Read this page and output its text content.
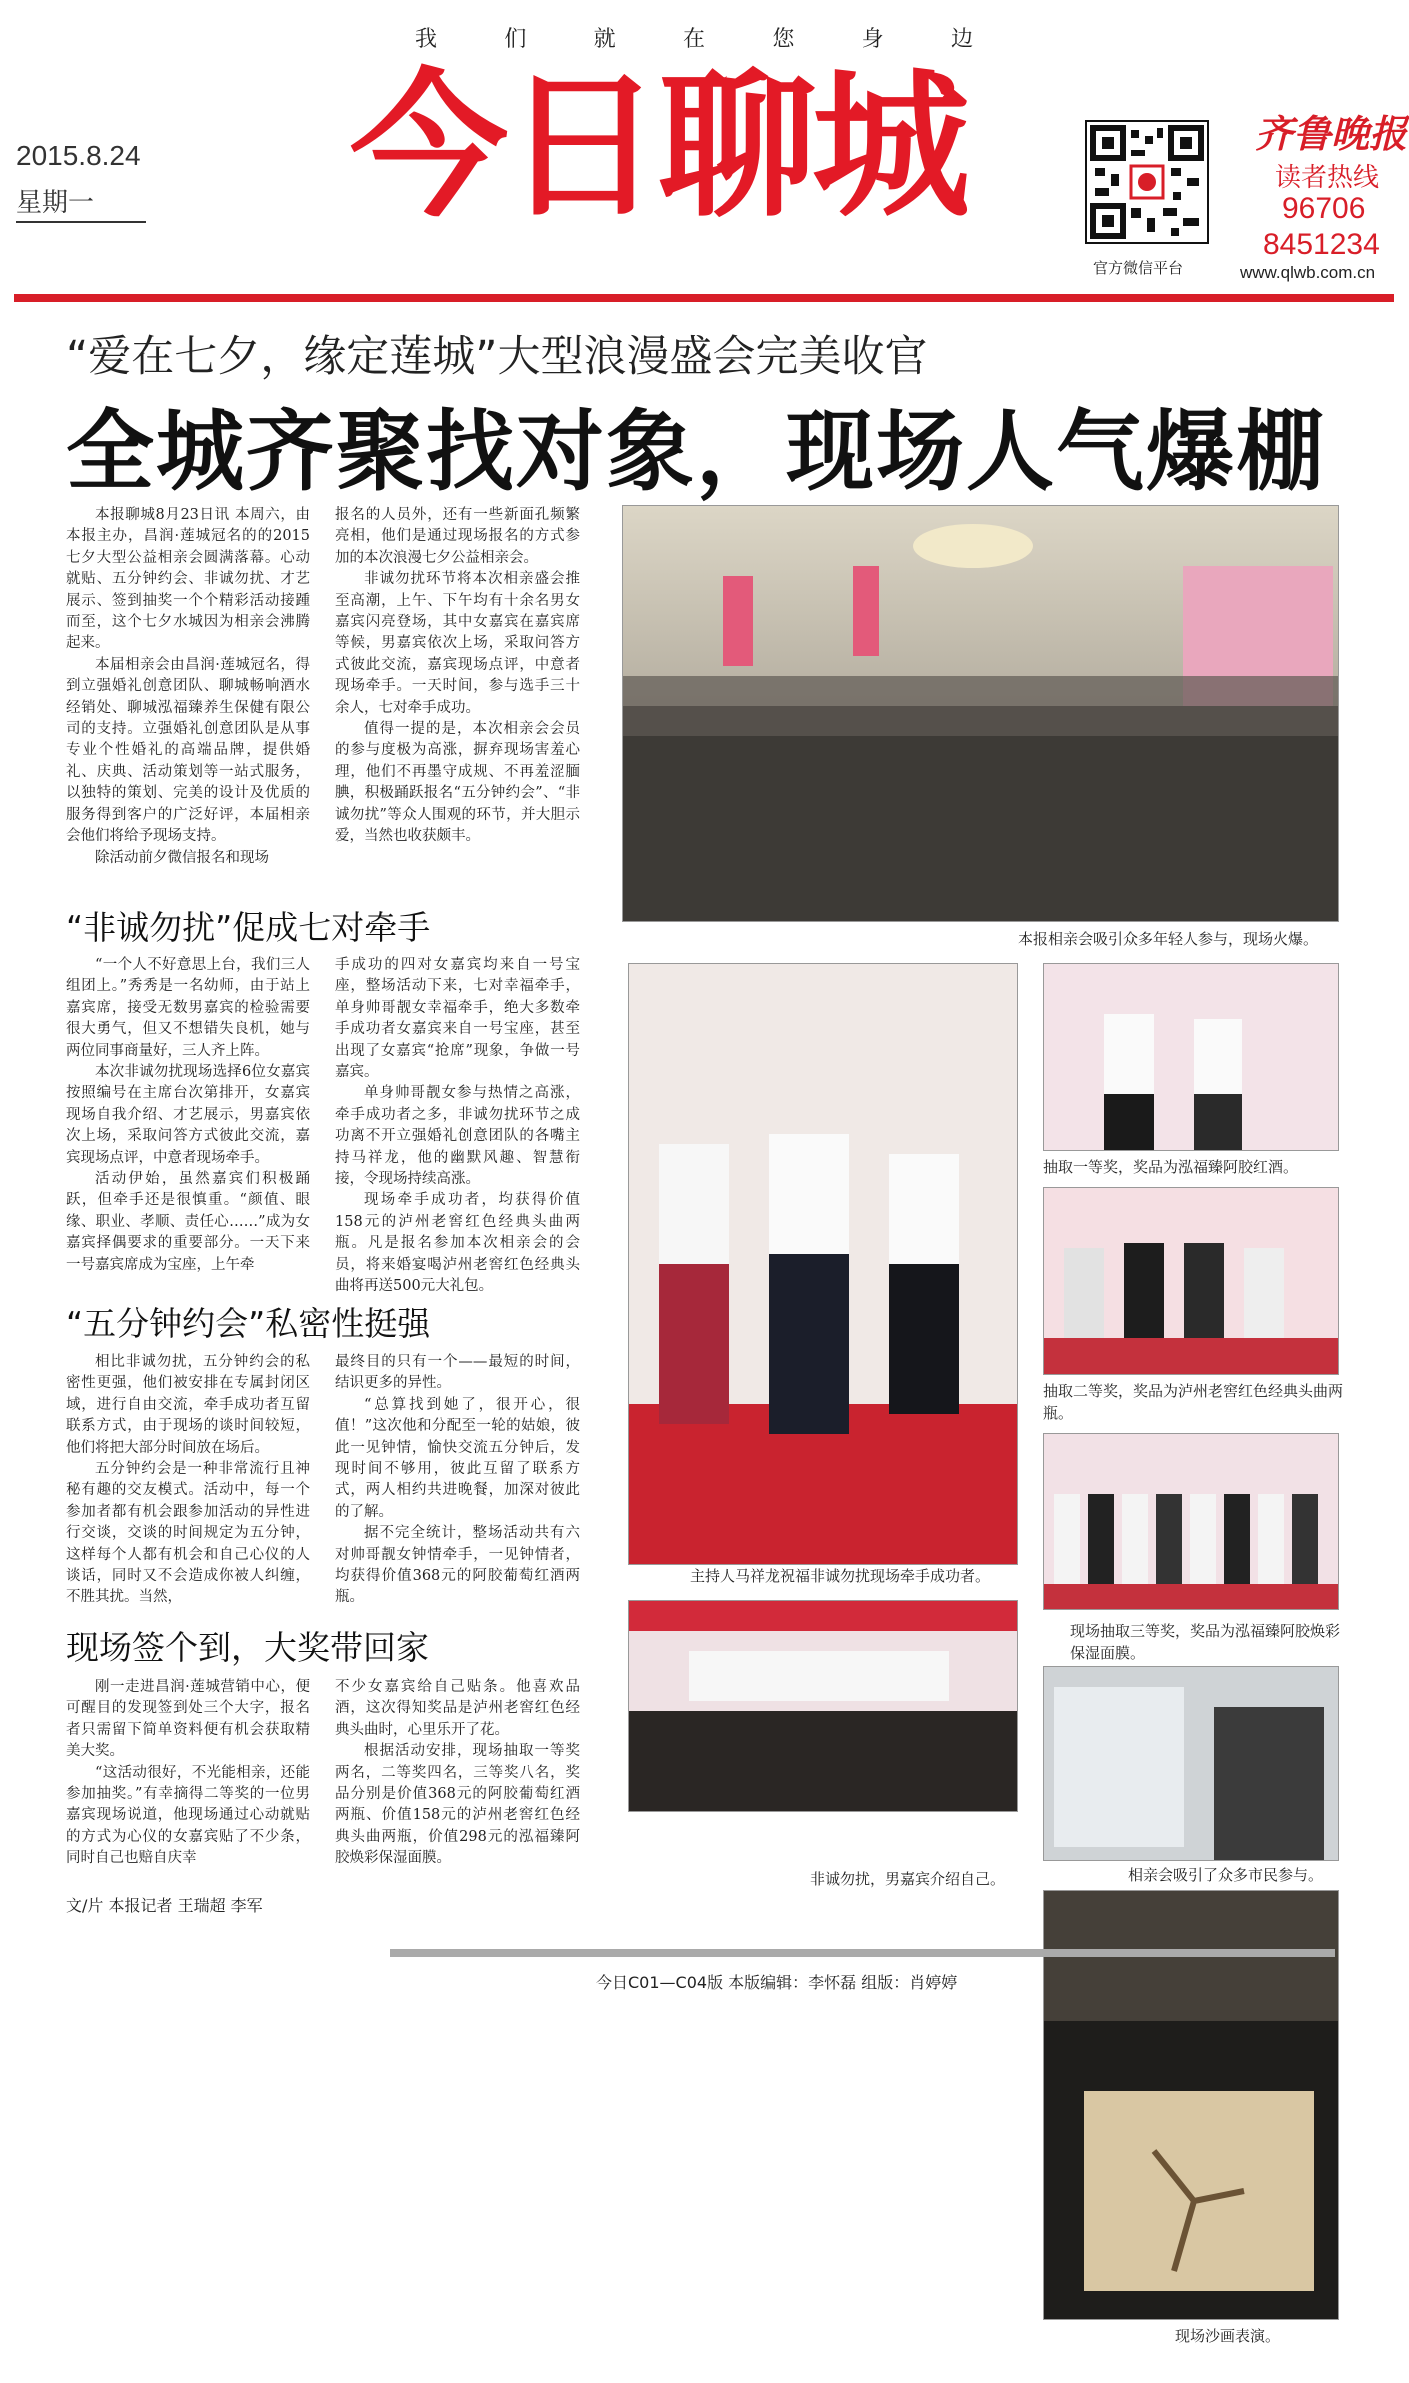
我	们	就	在	您	身	边
2015.8.24
星期一	今日聊城
官方微信平台
齐鲁晚报
读者热线
96706
8451234
www.qlwb.com.cn
“爱在七夕，缘定莲城”大型浪漫盛会完美收官
全城齐聚找对象，现场人气爆棚

本报聊城8月23日讯 本周六，由本报主办，昌润·莲城冠名的的2015七夕大型公益相亲会圆满落幕。心动就贴、五分钟约会、非诚勿扰、才艺展示、签到抽奖一个个精彩活动接踵而至，这个七夕水城因为相亲会沸腾起来。

本届相亲会由昌润·莲城冠名，得到立强婚礼创意团队、聊城畅响酒水经销处、聊城泓福臻养生保健有限公司的支持。立强婚礼创意团队是从事专业个性婚礼的高端品牌，提供婚礼、庆典、活动策划等一站式服务，以独特的策划、完美的设计及优质的服务得到客户的广泛好评，本届相亲会他们将给予现场支持。

除活动前夕微信报名和现场

报名的人员外，还有一些新面孔频繁亮相，他们是通过现场报名的方式参加的本次浪漫七夕公益相亲会。

非诚勿扰环节将本次相亲盛会推至高潮，上午、下午均有十余名男女嘉宾闪亮登场，其中女嘉宾在嘉宾席等候，男嘉宾依次上场，采取问答方式彼此交流，嘉宾现场点评，中意者现场牵手。一天时间，参与选手三十余人，七对牵手成功。

值得一提的是，本次相亲会会员的参与度极为高涨，摒弃现场害羞心理，他们不再墨守成规、不再羞涩腼腆，积极踊跃报名“五分钟约会”、“非诚勿扰”等众人围观的环节，并大胆示爱，当然也收获颇丰。

“非诚勿扰”促成七对牵手

“一个人不好意思上台，我们三人组团上。”秀秀是一名幼师，由于站上嘉宾席，接受无数男嘉宾的检验需要很大勇气，但又不想错失良机，她与两位同事商量好，三人齐上阵。

本次非诚勿扰现场选择6位女嘉宾按照编号在主席台次第排开，女嘉宾现场自我介绍、才艺展示，男嘉宾依次上场，采取问答方式彼此交流，嘉宾现场点评，中意者现场牵手。

活动伊始，虽然嘉宾们积极踊跃，但牵手还是很慎重。“颜值、眼缘、职业、孝顺、责任心……”成为女嘉宾择偶要求的重要部分。一天下来一号嘉宾席成为宝座，上午牵

手成功的四对女嘉宾均来自一号宝座，整场活动下来，七对幸福牵手，单身帅哥靓女幸福牵手，绝大多数牵手成功者女嘉宾来自一号宝座，甚至出现了女嘉宾“抢席”现象，争做一号嘉宾。

单身帅哥靓女参与热情之高涨，牵手成功者之多，非诚勿扰环节之成功离不开立强婚礼创意团队的各嘴主持马祥龙，他的幽默风趣、智慧衔接，令现场持续高涨。

现场牵手成功者，均获得价值158元的泸州老窖红色经典头曲两瓶。凡是报名参加本次相亲会的会员，将来婚宴喝泸州老窖红色经典头曲将再送500元大礼包。

“五分钟约会”私密性挺强

相比非诚勿扰，五分钟约会的私密性更强，他们被安排在专属封闭区域，进行自由交流，牵手成功者互留联系方式，由于现场的谈时间较短，他们将把大部分时间放在场后。

五分钟约会是一种非常流行且神秘有趣的交友模式。活动中，每一个参加者都有机会跟参加活动的异性进行交谈，交谈的时间规定为五分钟，这样每个人都有机会和自己心仪的人谈话，同时又不会造成你被人纠缠，不胜其扰。当然，

最终目的只有一个——最短的时间，结识更多的异性。

“总算找到她了，很开心，很值！”这次他和分配至一轮的姑娘，彼此一见钟情，愉快交流五分钟后，发现时间不够用，彼此互留了联系方式，两人相约共进晚餐，加深对彼此的了解。

据不完全统计，整场活动共有六对帅哥靓女钟情牵手，一见钟情者，均获得价值368元的阿胶葡萄红酒两瓶。

现场签个到，大奖带回家

刚一走进昌润·莲城营销中心，便可醒目的发现签到处三个大字，报名者只需留下简单资料便有机会获取精美大奖。

“这活动很好，不光能相亲，还能参加抽奖。”有幸摘得二等奖的一位男嘉宾现场说道，他现场通过心动就贴的方式为心仪的女嘉宾贴了不少条，同时自己也赔自庆幸

不少女嘉宾给自己贴条。他喜欢品酒，这次得知奖品是泸州老窖红色经典头曲时，心里乐开了花。

根据活动安排，现场抽取一等奖两名，二等奖四名，三等奖八名，奖品分别是价值368元的阿胶葡萄红酒两瓶、价值158元的泸州老窖红色经典头曲两瓶，价值298元的泓福臻阿胶焕彩保湿面膜。

文/片 本报记者 王瑞超 李军
本报相亲会吸引众多年轻人参与，现场火爆。
主持人马祥龙祝福非诚勿扰现场牵手成功者。
抽取一等奖，奖品为泓福臻阿胶红酒。
抽取二等奖，奖品为泸州老窖红色经典头曲两瓶。
现场抽取三等奖，奖品为泓福臻阿胶焕彩保湿面膜。
非诚勿扰，男嘉宾介绍自己。	相亲会吸引了众多市民参与。
现场沙画表演。
今日C01—C04版 本版编辑：李怀磊 组版：肖婷婷
